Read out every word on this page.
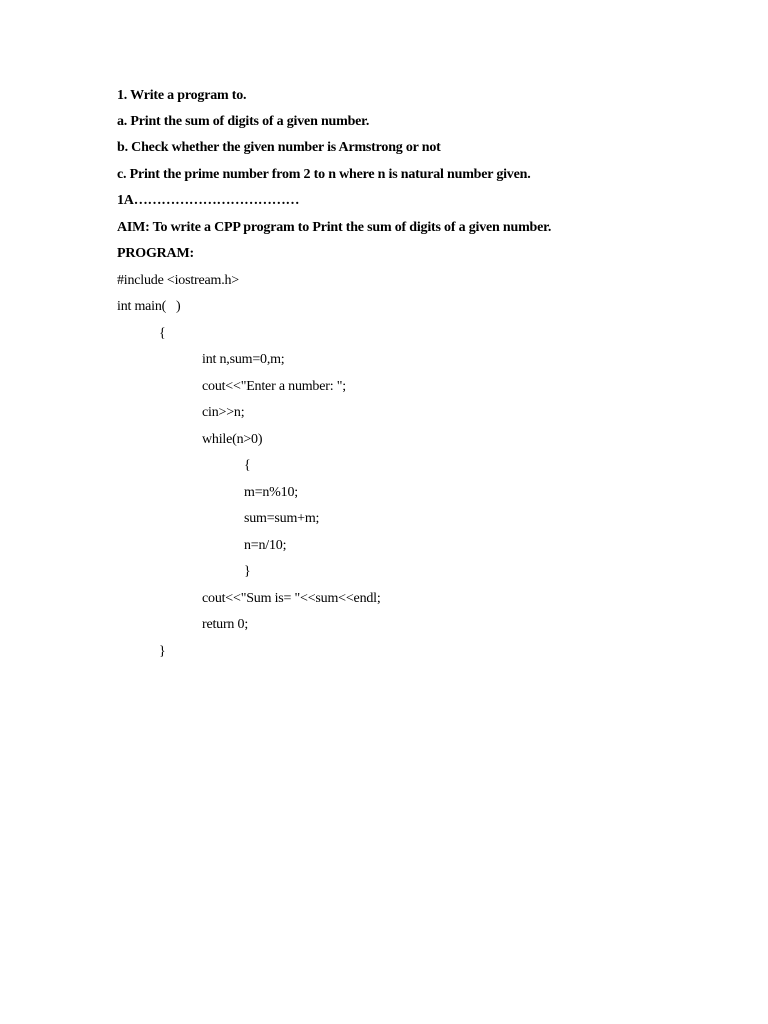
1. Write a program to.
a. Print the sum of digits of a given number.
b. Check whether the given number is Armstrong or not
c. Print the prime number from 2 to n where n is natural number given.
1A………………………………
AIM: To write a CPP program to Print the sum of digits of a given number.
PROGRAM:
#include <iostream.h>
int main(   )
{
int n,sum=0,m;
cout<<"Enter a number: ";
cin>>n;
while(n>0)
{
m=n%10;
sum=sum+m;
n=n/10;
}
cout<<"Sum is= "<<sum<<endl;
return 0;
}
